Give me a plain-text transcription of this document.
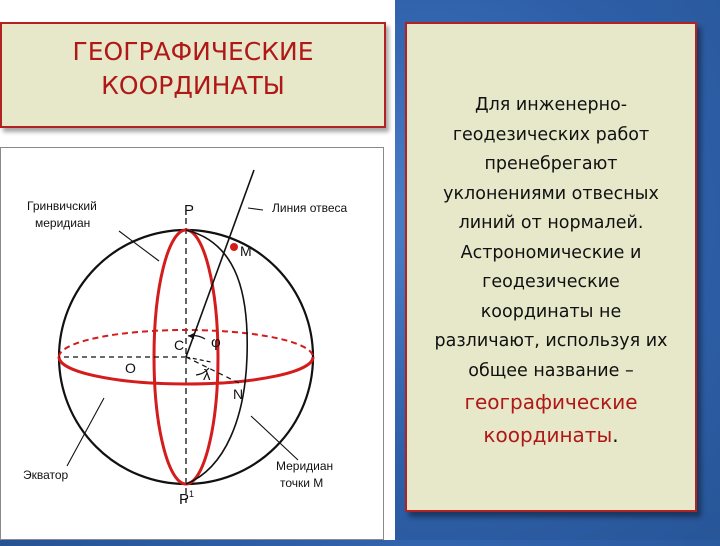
ГЕОГРАФИЧЕСКИЕ
КООРДИНАТЫ
Гринвичский
меридиан
P	Линия отвеса
M
C φ
O	λ
N
Экватор
Меридиан
точки M
$P^1$
Для инженерно-
геодезических работ
пренебрегают
уклонениями отвесных
линий от нормалей.
Астрономические и
геодезические
координаты не
различают, используя их
общее название –
географические
координаты.
